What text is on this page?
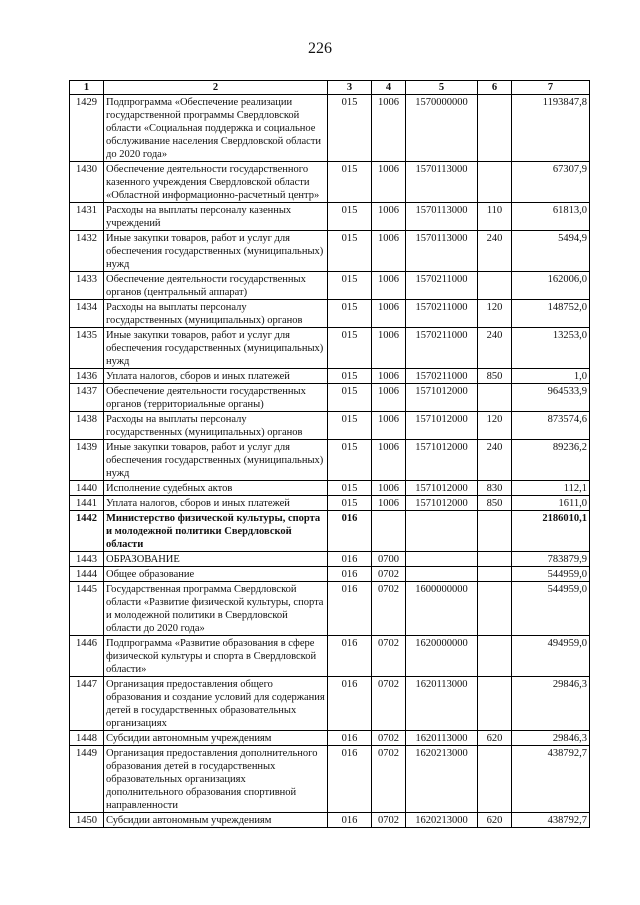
226
1	2	3	4	5	6	7
1429	Подпрограмма «Обеспечение реализации государственной программы Свердловской области «Социальная поддержка и социальное обслуживание населения Свердловской области до 2020 года»	015	1006	1570000000		1193847,8
1430	Обеспечение деятельности государственного казенного учреждения Свердловской области «Областной информационно-расчетный центр»	015	1006	1570113000		67307,9
1431	Расходы на выплаты персоналу казенных учреждений	015	1006	1570113000	110	61813,0
1432	Иные закупки товаров, работ и услуг для обеспечения государственных (муниципальных) нужд	015	1006	1570113000	240	5494,9
1433	Обеспечение деятельности государственных органов (центральный аппарат)	015	1006	1570211000		162006,0
1434	Расходы на выплаты персоналу государственных (муниципальных) органов	015	1006	1570211000	120	148752,0
1435	Иные закупки товаров, работ и услуг для обеспечения государственных (муниципальных) нужд	015	1006	1570211000	240	13253,0
1436	Уплата налогов, сборов и иных платежей	015	1006	1570211000	850	1,0
1437	Обеспечение деятельности государственных органов (территориальные органы)	015	1006	1571012000		964533,9
1438	Расходы на выплаты персоналу государственных (муниципальных) органов	015	1006	1571012000	120	873574,6
1439	Иные закупки товаров, работ и услуг для обеспечения государственных (муниципальных) нужд	015	1006	1571012000	240	89236,2
1440	Исполнение судебных актов	015	1006	1571012000	830	112,1
1441	Уплата налогов, сборов и иных платежей	015	1006	1571012000	850	1611,0
1442	Министерство физической культуры, спорта и молодежной политики Свердловской области	016				2186010,1
1443	ОБРАЗОВАНИЕ	016	0700			783879,9
1444	Общее образование	016	0702			544959,0
1445	Государственная программа Свердловской области «Развитие физической культуры, спорта и молодежной политики в Свердловской области до 2020 года»	016	0702	1600000000		544959,0
1446	Подпрограмма «Развитие образования в сфере физической культуры и спорта в Свердловской области»	016	0702	1620000000		494959,0
1447	Организация предоставления общего образования и создание условий для содержания детей в государственных образовательных организациях	016	0702	1620113000		29846,3
1448	Субсидии автономным учреждениям	016	0702	1620113000	620	29846,3
1449	Организация предоставления дополнительного образования детей в государственных образовательных организациях дополнительного образования спортивной направленности	016	0702	1620213000		438792,7
1450	Субсидии автономным учреждениям	016	0702	1620213000	620	438792,7
